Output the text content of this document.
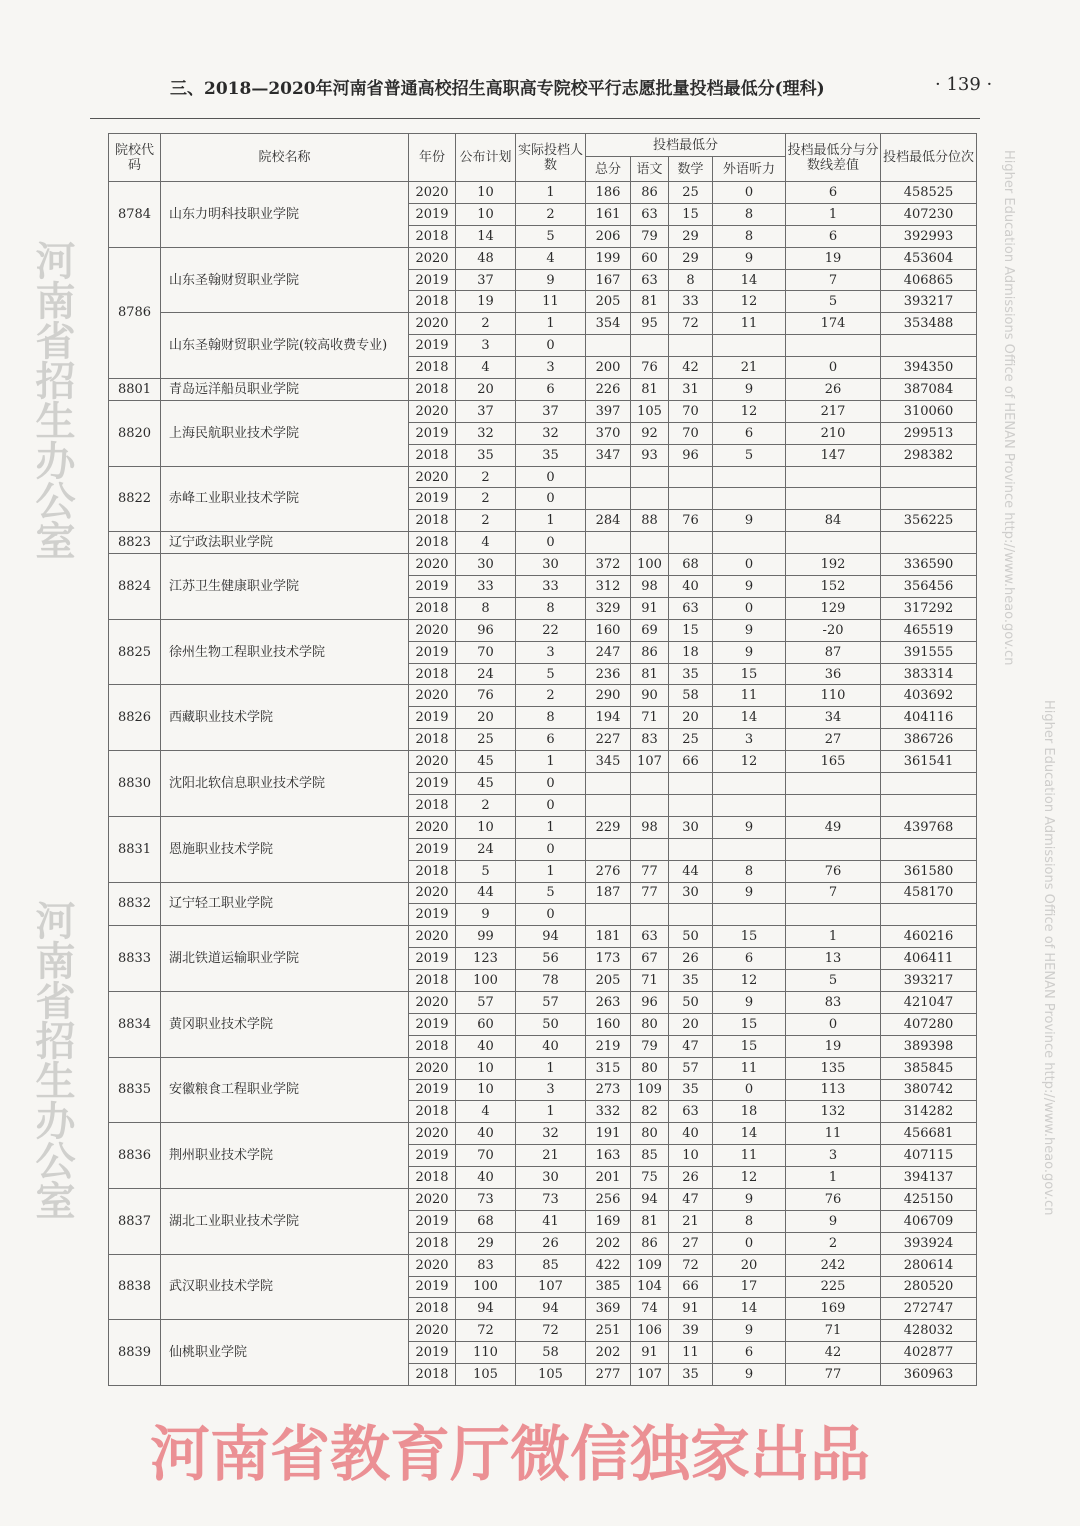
三、2018—2020年河南省普通高校招生高职高专院校平行志愿批量投档最低分(理科)	· 139 ·
院校代码	院校名称	年份	公布计划	实际投档人数	投档最低分				投档最低分与分数线差值	投档最低分位次
					总分	语文	数学	外语听力		
8784	山东力明科技职业学院	2020	10	1	186	86	25	0	6	458525
		2019	10	2	161	63	15	8	1	407230
		2018	14	5	206	79	29	8	6	392993
8786	山东圣翰财贸职业学院	2020	48	4	199	60	29	9	19	453604
		2019	37	9	167	63	8	14	7	406865
		2018	19	11	205	81	33	12	5	393217
	山东圣翰财贸职业学院(较高收费专业)	2020	2	1	354	95	72	11	174	353488
		2019	3	0						
		2018	4	3	200	76	42	21	0	394350
8801	青岛远洋船员职业学院	2018	20	6	226	81	31	9	26	387084
8820	上海民航职业技术学院	2020	37	37	397	105	70	12	217	310060
		2019	32	32	370	92	70	6	210	299513
		2018	35	35	347	93	96	5	147	298382
8822	赤峰工业职业技术学院	2020	2	0						
		2019	2	0						
		2018	2	1	284	88	76	9	84	356225
8823	辽宁政法职业学院	2018	4	0						
8824	江苏卫生健康职业学院	2020	30	30	372	100	68	0	192	336590
		2019	33	33	312	98	40	9	152	356456
		2018	8	8	329	91	63	0	129	317292
8825	徐州生物工程职业技术学院	2020	96	22	160	69	15	9	-20	465519
		2019	70	3	247	86	18	9	87	391555
		2018	24	5	236	81	35	15	36	383314
8826	西藏职业技术学院	2020	76	2	290	90	58	11	110	403692
		2019	20	8	194	71	20	14	34	404116
		2018	25	6	227	83	25	3	27	386726
8830	沈阳北软信息职业技术学院	2020	45	1	345	107	66	12	165	361541
		2019	45	0						
		2018	2	0						
8831	恩施职业技术学院	2020	10	1	229	98	30	9	49	439768
		2019	24	0						
		2018	5	1	276	77	44	8	76	361580
8832	辽宁轻工职业学院	2020	44	5	187	77	30	9	7	458170
		2019	9	0						
8833	湖北铁道运输职业学院	2020	99	94	181	63	50	15	1	460216
		2019	123	56	173	67	26	6	13	406411
		2018	100	78	205	71	35	12	5	393217
8834	黄冈职业技术学院	2020	57	57	263	96	50	9	83	421047
		2019	60	50	160	80	20	15	0	407280
		2018	40	40	219	79	47	15	19	389398
8835	安徽粮食工程职业学院	2020	10	1	315	80	57	11	135	385845
		2019	10	3	273	109	35	0	113	380742
		2018	4	1	332	82	63	18	132	314282
8836	荆州职业技术学院	2020	40	32	191	80	40	14	11	456681
		2019	70	21	163	85	10	11	3	407115
		2018	40	30	201	75	26	12	1	394137
8837	湖北工业职业技术学院	2020	73	73	256	94	47	9	76	425150
		2019	68	41	169	81	21	8	9	406709
		2018	29	26	202	86	27	0	2	393924
8838	武汉职业技术学院	2020	83	85	422	109	72	20	242	280614
		2019	100	107	385	104	66	17	225	280520
		2018	94	94	369	74	91	14	169	272747
8839	仙桃职业学院	2020	72	72	251	106	39	9	71	428032
		2019	110	58	202	91	11	6	42	402877
		2018	105	105	277	107	35	9	77	360963
河南省招生办公室
河南省招生办公室
Higher Education Admissions Office of HENAN Province http://www.heao.gov.cn
Higher Education Admissions Office of HENAN Province http://www.heao.gov.cn
河南省教育厅微信独家出品
